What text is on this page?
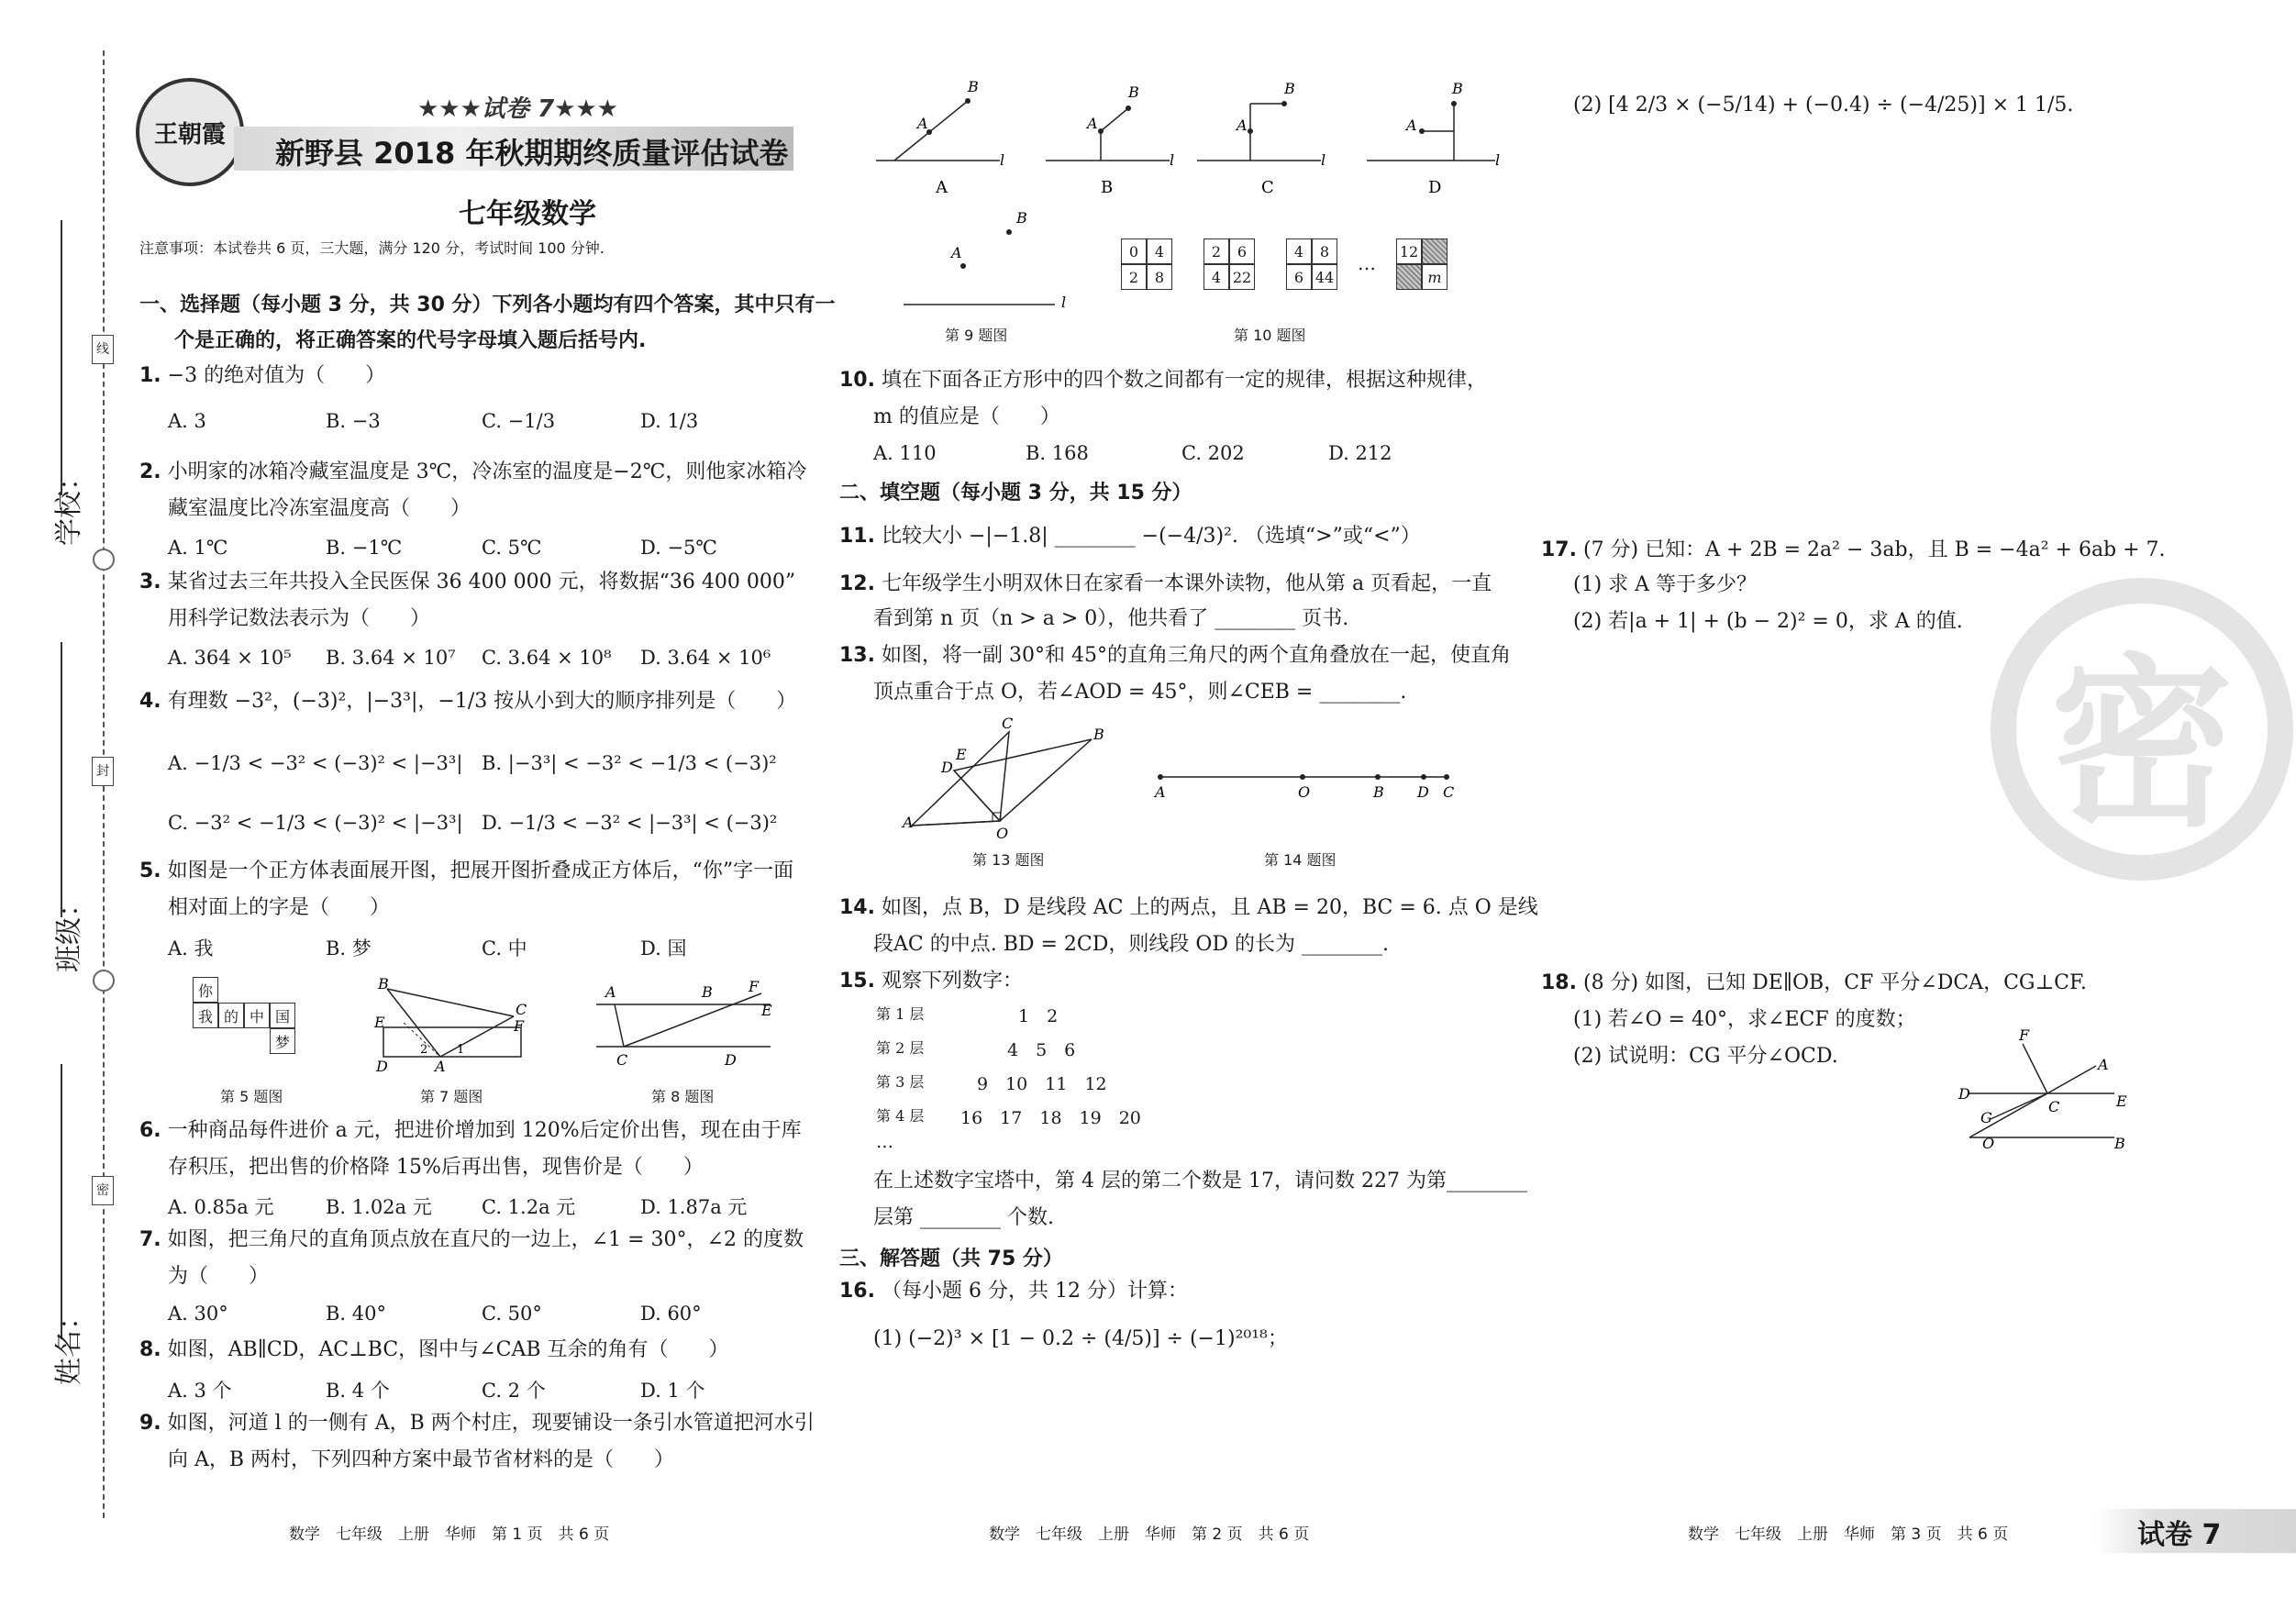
线
封
密
学校：
班级：
姓名：
王朝霞
★★★试卷 7★★★
新野县 2018 年秋期期终质量评估试卷
七年级数学
注意事项：本试卷共 6 页，三大题，满分 120 分，考试时间 100 分钟.
一、选择题（每小题 3 分，共 30 分）下列各小题均有四个答案，其中只有一
个是正确的，将正确答案的代号字母填入题后括号内.
1. −3 的绝对值为（　　）
A. 3	B. −3	C. −1/3	D. 1/3
2. 小明家的冰箱冷藏室温度是 3℃，冷冻室的温度是−2℃，则他家冰箱冷
藏室温度比冷冻室温度高（　　）
A. 1℃	B. −1℃	C. 5℃	D. −5℃
3. 某省过去三年共投入全民医保 36 400 000 元，将数据“36 400 000”
用科学记数法表示为（　　）
A. 364 × 10⁵ B. 3.64 × 10⁷ C. 3.64 × 10⁸ D. 3.64 × 10⁶
4. 有理数 −3²，(−3)²，|−3³|，−1/3 按从小到大的顺序排列是（　　）
A. −1/3 < −3² < (−3)² < |−3³| B. |−3³| < −3² < −1/3 < (−3)²
C. −3² < −1/3 < (−3)² < |−3³| D. −1/3 < −3² < |−3³| < (−3)²
5. 如图是一个正方体表面展开图，把展开图折叠成正方体后，“你”字一面
相对面上的字是（　　）
A. 我	B. 梦	C. 中	D. 国
你
我 的 中 国
梦
第 5 题图
B
E
C
F
D	A
1
2
第 7 题图
A	B F
E
C	D
第 8 题图
6. 一种商品每件进价 a 元，把进价增加到 120%后定价出售，现在由于库
存积压，把出售的价格降 15%后再出售，现售价是（　　）
A. 0.85a 元	B. 1.02a 元	C. 1.2a 元	D. 1.87a 元
7. 如图，把三角尺的直角顶点放在直尺的一边上，∠1 = 30°，∠2 的度数
为（　　）
A. 30°	B. 40°	C. 50°	D. 60°
8. 如图，AB∥CD，AC⊥BC，图中与∠CAB 互余的角有（　　）
A. 3 个	B. 4 个	C. 2 个	D. 1 个
9. 如图，河道 l 的一侧有 A，B 两个村庄，现要铺设一条引水管道把河水引
向 A，B 两村，下列四种方案中最节省材料的是（　　）
数学　七年级　上册　华师　第 1 页　共 6 页
A
B
l
A
A
B
l
B
A
B
l
C
A
B
l
D
A
B
l
第 9 题图
0	4
2	8
2	6
4 22
4	8
6 44
…
12
m
第 10 题图
10. 填在下面各正方形中的四个数之间都有一定的规律，根据这种规律，
m 的值应是（　　）
A. 110	B. 168	C. 202	D. 212
二、填空题（每小题 3 分，共 15 分）
11. 比较大小 −|−1.8| ________ −(−4/3)². （选填“>”或“<”）
12. 七年级学生小明双休日在家看一本课外读物，他从第 a 页看起，一直
看到第 n 页（n > a > 0），他共看了 ________ 页书.
13. 如图，将一副 30°和 45°的直角三角尺的两个直角叠放在一起，使直角
顶点重合于点 O，若∠AOD = 45°，则∠CEB = ________.
A
C
B
D
E
O
第 13 题图
A	O	B D C
第 14 题图
14. 如图，点 B，D 是线段 AC 上的两点，且 AB = 20，BC = 6. 点 O 是线
段AC 的中点. BD = 2CD，则线段 OD 的长为 ________.
15. 观察下列数字：
第 1 层	1　2
第 2 层	4　5　6
第 3 层	9　10　11　12
第 4 层 16　17　18　19　20
…
在上述数字宝塔中，第 4 层的第二个数是 17，请问数 227 为第________
层第 ________ 个数.
三、解答题（共 75 分）
16. （每小题 6 分，共 12 分）计算：
(1) (−2)³ × [1 − 0.2 ÷ (4/5)] ÷ (−1)²⁰¹⁸；
数学　七年级　上册　华师　第 2 页　共 6 页
(2) [4 2/3 × (−5/14) + (−0.4) ÷ (−4/25)] × 1 1/5.
密
17. (7 分) 已知：A + 2B = 2a² − 3ab，且 B = −4a² + 6ab + 7.
(1) 求 A 等于多少？
(2) 若|a + 1| + (b − 2)² = 0，求 A 的值.
18. (8 分) 如图，已知 DE∥OB，CF 平分∠DCA，CG⊥CF.
(1) 若∠O = 40°，求∠ECF 的度数；
(2) 试说明：CG 平分∠OCD.
F
A
D	E
C
G
O	B
数学　七年级　上册　华师　第 3 页　共 6 页	试卷 7
